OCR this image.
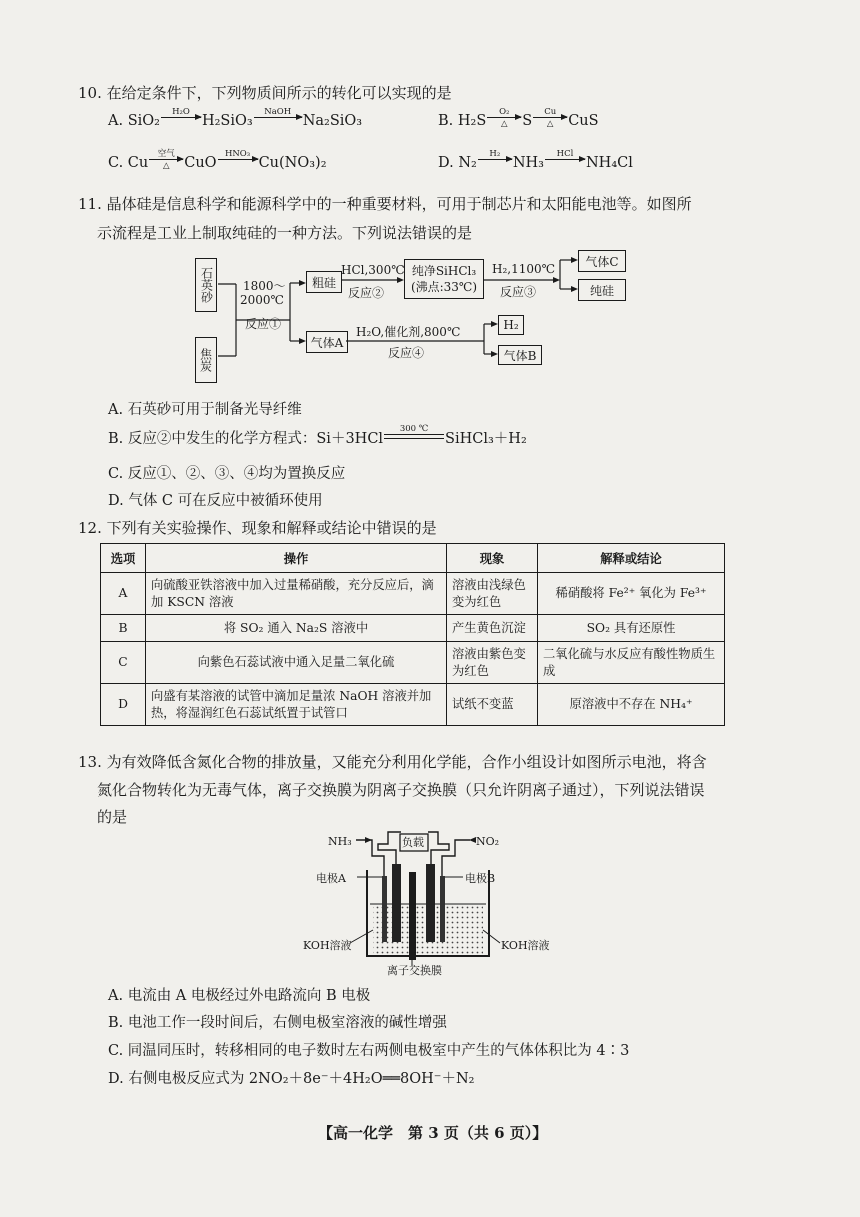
10. 在给定条件下，下列物质间所示的转化可以实现的是
A. SiO₂
H₂O
H₂SiO₃
NaOH
Na₂SiO₃	B. H₂S
O₂
△ S
Cu
△ CuS
C. Cu
空气
△ CuO
HNO₃
Cu(NO₃)₂	D. N₂
H₂
NH₃
HCl
NH₄Cl
11. 晶体硅是信息科学和能源科学中的一种重要材料，可用于制芯片和太阳能电池等。如图所
示流程是工业上制取纯硅的一种方法。下列说法错误的是
石英砂
焦炭
1800～
2000℃
反应①
粗硅
HCl,300℃
反应②
纯净SiHCl₃
(沸点:33℃)
H₂,1100℃
反应③
气体C
纯硅
气体A
H₂O,催化剂,800℃
反应④
H₂
气体B
A. 石英砂可用于制备光导纤维
B. 反应②中发生的化学方程式：Si＋3HCl
300 ℃
SiHCl₃＋H₂
C. 反应①、②、③、④均为置换反应
D. 气体 C 可在反应中被循环使用
12. 下列有关实验操作、现象和解释或结论中错误的是
选项	操作	现象	解释或结论
A	向硫酸亚铁溶液中加入过量稀硝酸，充分反应后，滴加 KSCN 溶液	溶液由浅绿色变为红色	稀硝酸将 Fe²⁺ 氧化为 Fe³⁺
B	将 SO₂ 通入 Na₂S 溶液中	产生黄色沉淀	SO₂ 具有还原性
C	向紫色石蕊试液中通入足量二氧化硫	溶液由紫色变为红色	二氧化硫与水反应有酸性物质生成
D	向盛有某溶液的试管中滴加足量浓 NaOH 溶液并加热，将湿润红色石蕊试纸置于试管口	试纸不变蓝	原溶液中不存在 NH₄⁺
13. 为有效降低含氮化合物的排放量，又能充分利用化学能，合作小组设计如图所示电池，将含
氮化合物转化为无毒气体，离子交换膜为阴离子交换膜（只允许阴离子通过），下列说法错误
的是
NH₃	NO₂
负载
电极A	电极B
KOH溶液	KOH溶液
离子交换膜
A. 电流由 A 电极经过外电路流向 B 电极
B. 电池工作一段时间后，右侧电极室溶液的碱性增强
C. 同温同压时，转移相同的电子数时左右两侧电极室中产生的气体体积比为 4∶3
D. 右侧电极反应式为 2NO₂＋8e⁻＋4H₂O══8OH⁻＋N₂
【高一化学　第 3 页（共 6 页）】
